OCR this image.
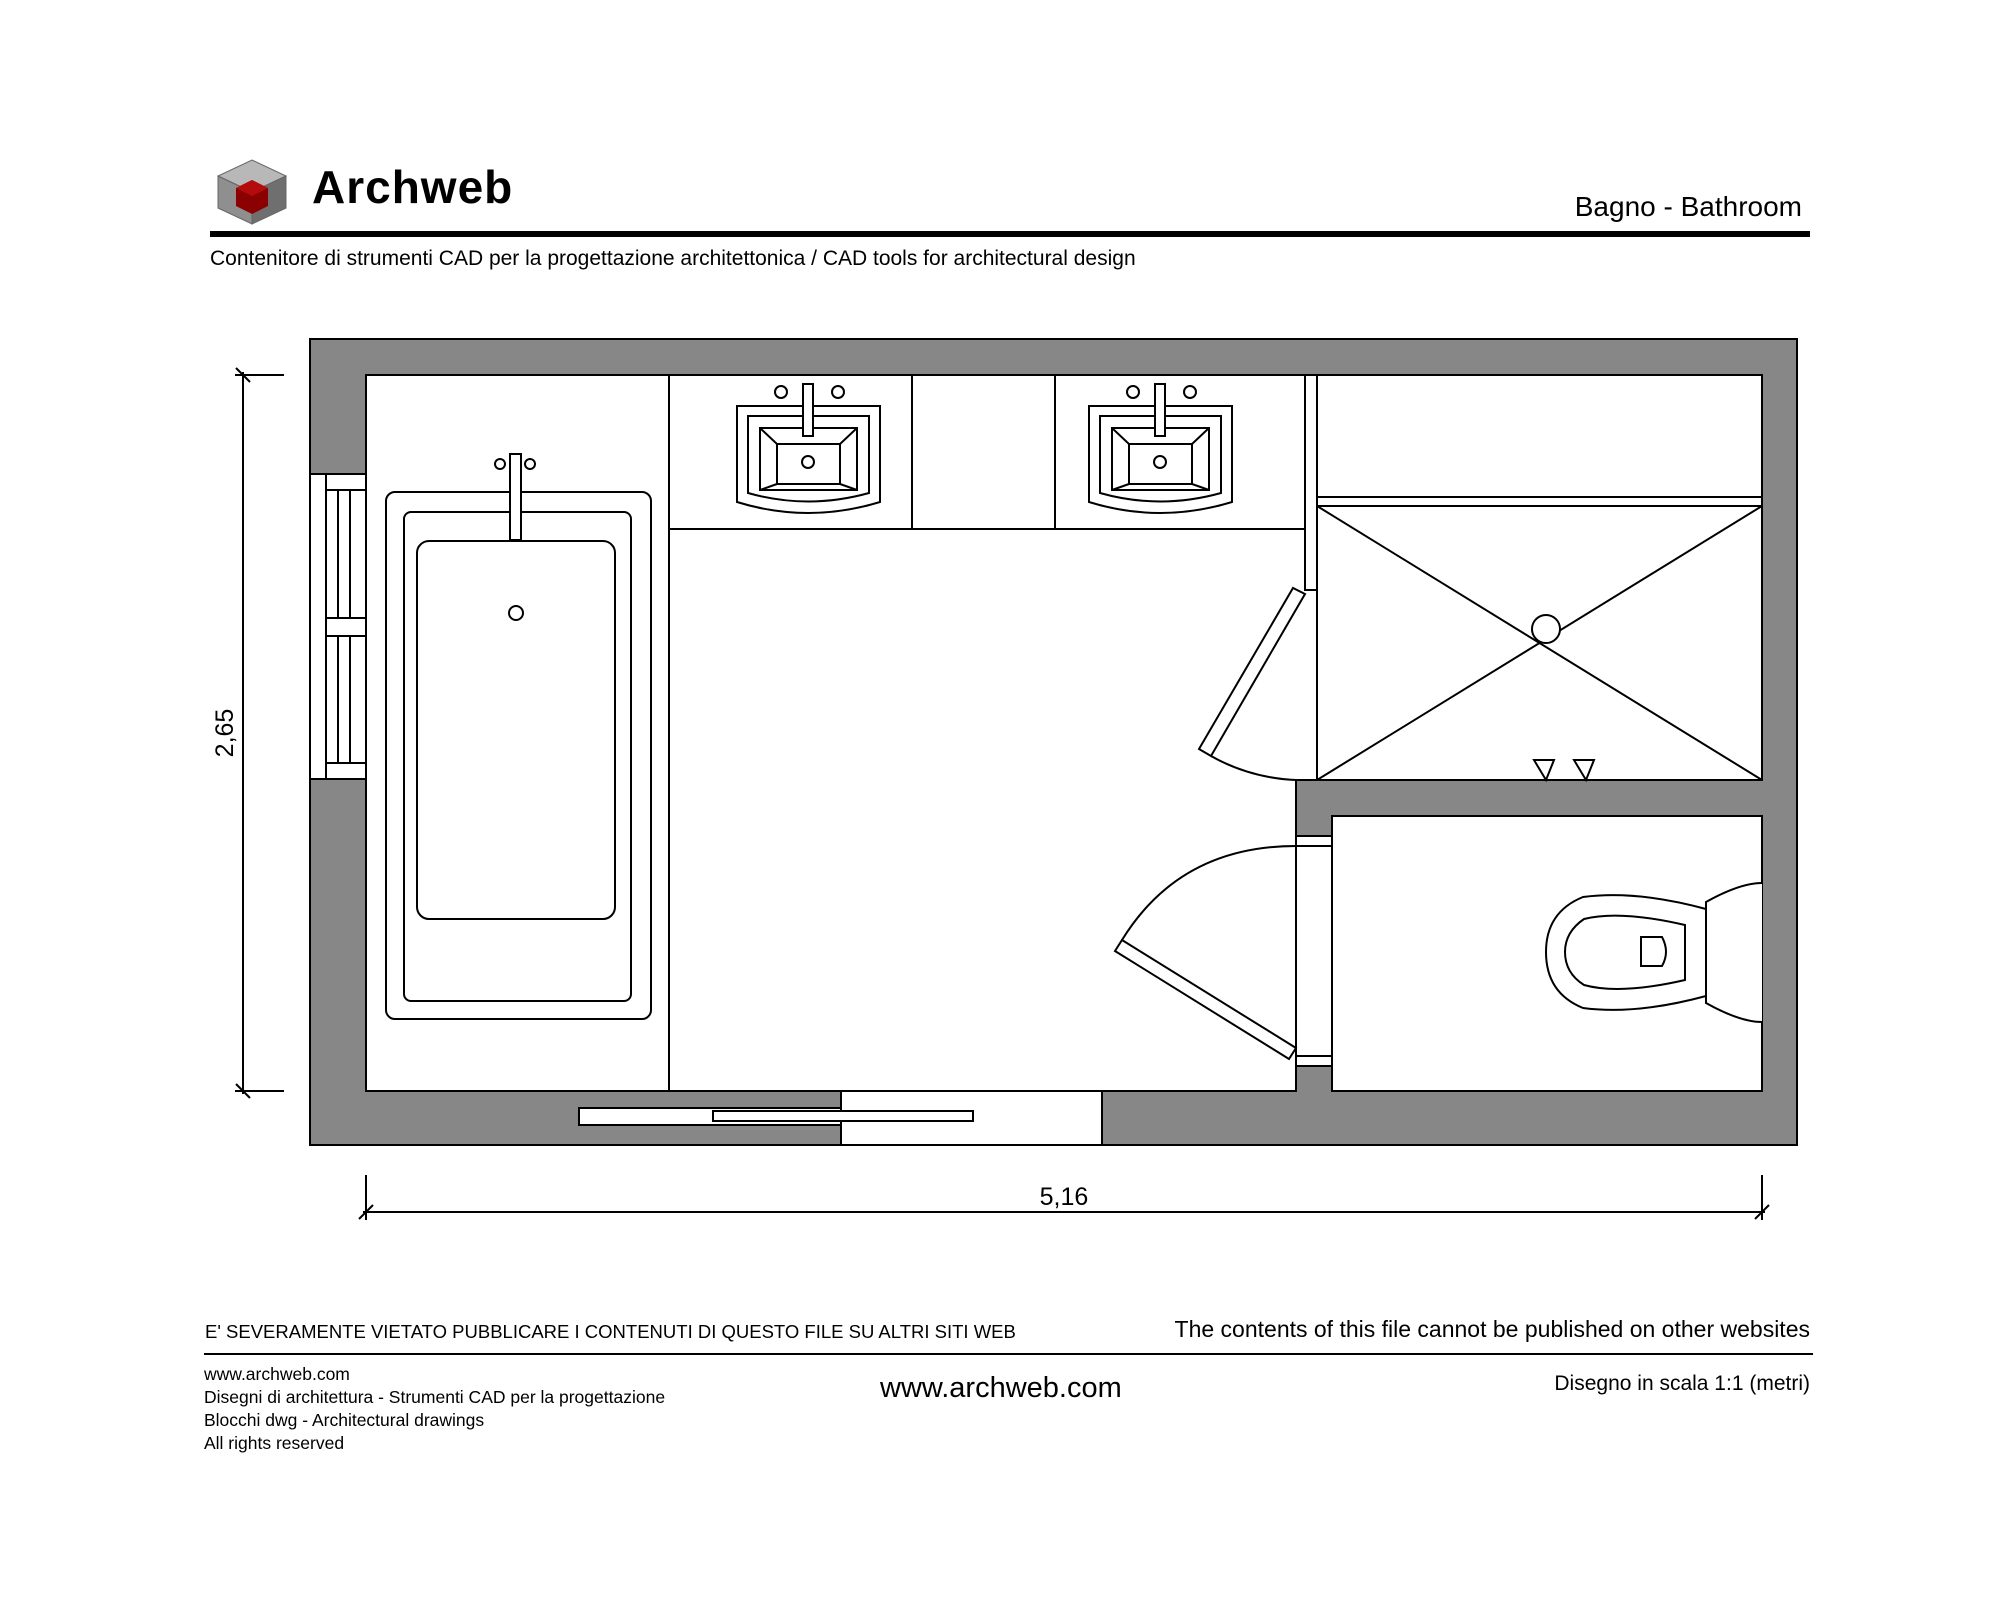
Archweb	Bagno - Bathroom
Contenitore di strumenti CAD per la progettazione architettonica / CAD tools for architectural design
2,65
5,16
E' SEVERAMENTE VIETATO PUBBLICARE I CONTENUTI DI QUESTO FILE SU ALTRI SITI WEB	The contents of this file cannot be published on other websites
www.archweb.com
Disegni di architettura - Strumenti CAD per la progettazione
Blocchi dwg - Architectural drawings
All rights reserved
www.archweb.com	Disegno in scala 1:1 (metri)
